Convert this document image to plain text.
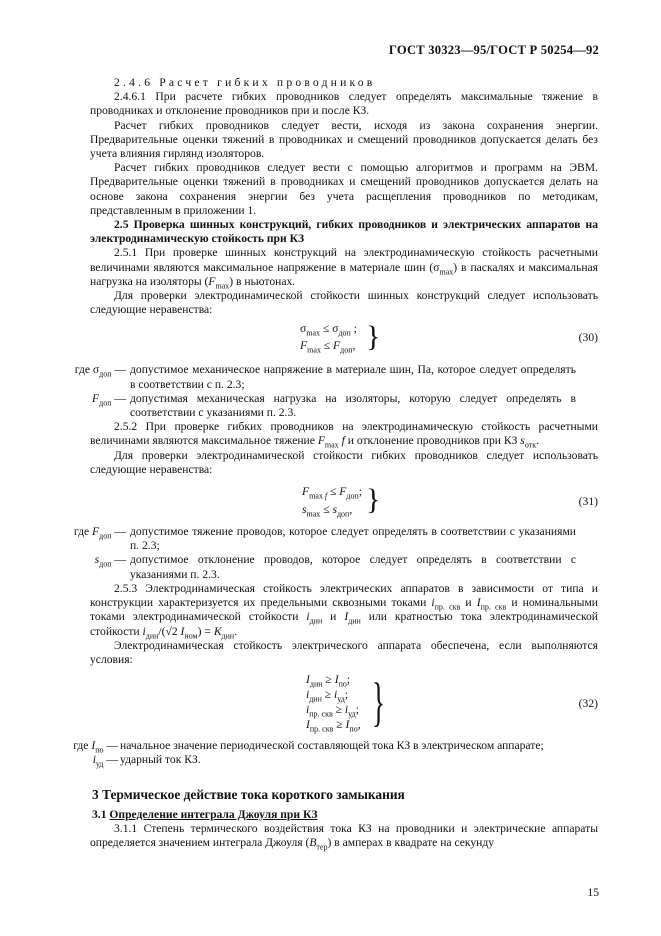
ГОСТ 30323—95/ГОСТ Р 50254—92

2.4.6 Расчет гибких проводников

2.4.6.1 При расчете гибких проводников следует определять максимальные тяжение в проводниках и отклонение проводников при и после КЗ.

Расчет гибких проводников следует вести, исходя из закона сохранения энергии. Предварительные оценки тяжений в проводниках и смещений проводников допускается делать без учета влияния гирлянд изоляторов.

Расчет гибких проводников следует вести с помощью алгоритмов и программ на ЭВМ. Предварительные оценки тяжений в проводниках и смещений проводников допускается делать на основе закона сохранения энергии без учета расщепления проводников по методикам, представленным в приложении 1.

2.5 Проверка шинных конструкций, гибких проводников и электрических аппаратов на электродинамическую стойкость при КЗ

2.5.1 При проверке шинных конструкций на электродинамическую стойкость расчетными величинами являются максимальное напряжение в материале шин $(\sigma_{max})$ в паскалях и максимальная нагрузка на изоляторы $(F_{max})$ в ньютонах.

Для проверки электродинамической стойкости шинных конструкций следует использовать следующие неравенства:

$\sigma_{max} \le \sigma_{доп}$ ;
$F_{max} \le F_{доп}$, }	(30)

где $\sigma_{доп}$ — допустимое механическое напряжение в материале шин, Па, которое следует определять в соответствии с п. 2.3;

$F_{доп}$ — допустимая механическая нагрузка на изоляторы, которую следует определять в соответствии с указаниями п. 2.3.

2.5.2 При проверке гибких проводников на электродинамическую стойкость расчетными величинами являются максимальное тяжение $F_{max}$ f и отклонение проводников при КЗ $s_{отк}$.

Для проверки электродинамической стойкости гибких проводников следует использовать следующие неравенства:

$F_{max f} \le F_{доп}$;
$s_{max} \le s_{доп}$, }	(31)

где $F_{доп}$ — допустимое тяжение проводов, которое следует определять в соответствии с указаниями п. 2.3;

$s_{доп}$ — допустимое отклонение проводов, которое следует определять в соответствии с указаниями п. 2.3.

2.5.3 Электродинамическая стойкость электрических аппаратов в зависимости от типа и конструкции характеризуется их предельными сквозными токами $i_{пр. скв}$ и $I_{пр. скв}$ и номинальными токами электродинамической стойкости $i_{дин}$ и $I_{дин}$ или кратностью тока электродинамической стойкости $i_{дин}/(√2$ $I_{ном}) = K_{дин}$.

Электродинамическая стойкость электрического аппарата обеспечена, если выполняются условия:

$I_{дин} \ge I_{по}$;
$i_{дин} \ge i_{уд}$;
$i_{пр. скв} \ge i_{уд}$;
$I_{пр. скв} \ge I_{по}$, }	(32)

где $I_{по}$ — начальное значение периодической составляющей тока КЗ в электрическом аппарате;

$i_{уд}$ — ударный ток КЗ.

3 Термическое действие тока короткого замыкания

3.1 Определение интеграла Джоуля при КЗ

3.1.1 Степень термического воздействия тока КЗ на проводники и электрические аппараты определяется значением интеграла Джоуля $(B_{тер})$ в амперах в квадрате на секунду

15
